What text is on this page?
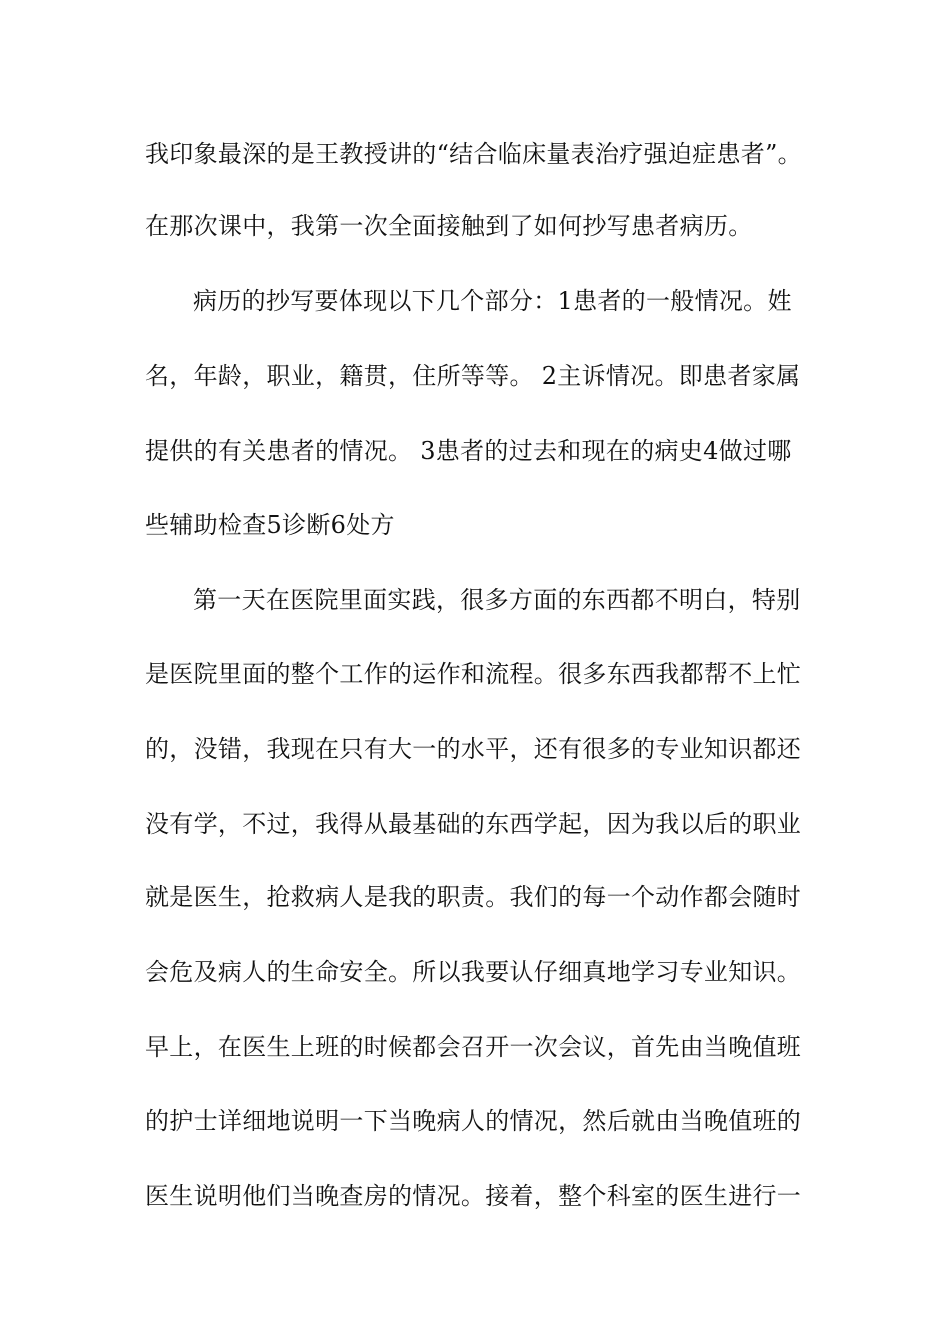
我印象最深的是王教授讲的“结合临床量表治疗强迫症患者”。
在那次课中，我第一次全面接触到了如何抄写患者病历。
病历的抄写要体现以下几个部分：1患者的一般情况。姓
名，年龄，职业，籍贯，住所等等。 2主诉情况。即患者家属
提供的有关患者的情况。 3患者的过去和现在的病史4做过哪
些辅助检查5诊断6处方
第一天在医院里面实践，很多方面的东西都不明白，特别
是医院里面的整个工作的运作和流程。很多东西我都帮不上忙
的，没错，我现在只有大一的水平，还有很多的专业知识都还
没有学，不过，我得从最基础的东西学起，因为我以后的职业
就是医生，抢救病人是我的职责。我们的每一个动作都会随时
会危及病人的生命安全。所以我要认仔细真地学习专业知识。
早上，在医生上班的时候都会召开一次会议，首先由当晚值班
的护士详细地说明一下当晚病人的情况，然后就由当晚值班的
医生说明他们当晚查房的情况。接着，整个科室的医生进行一
